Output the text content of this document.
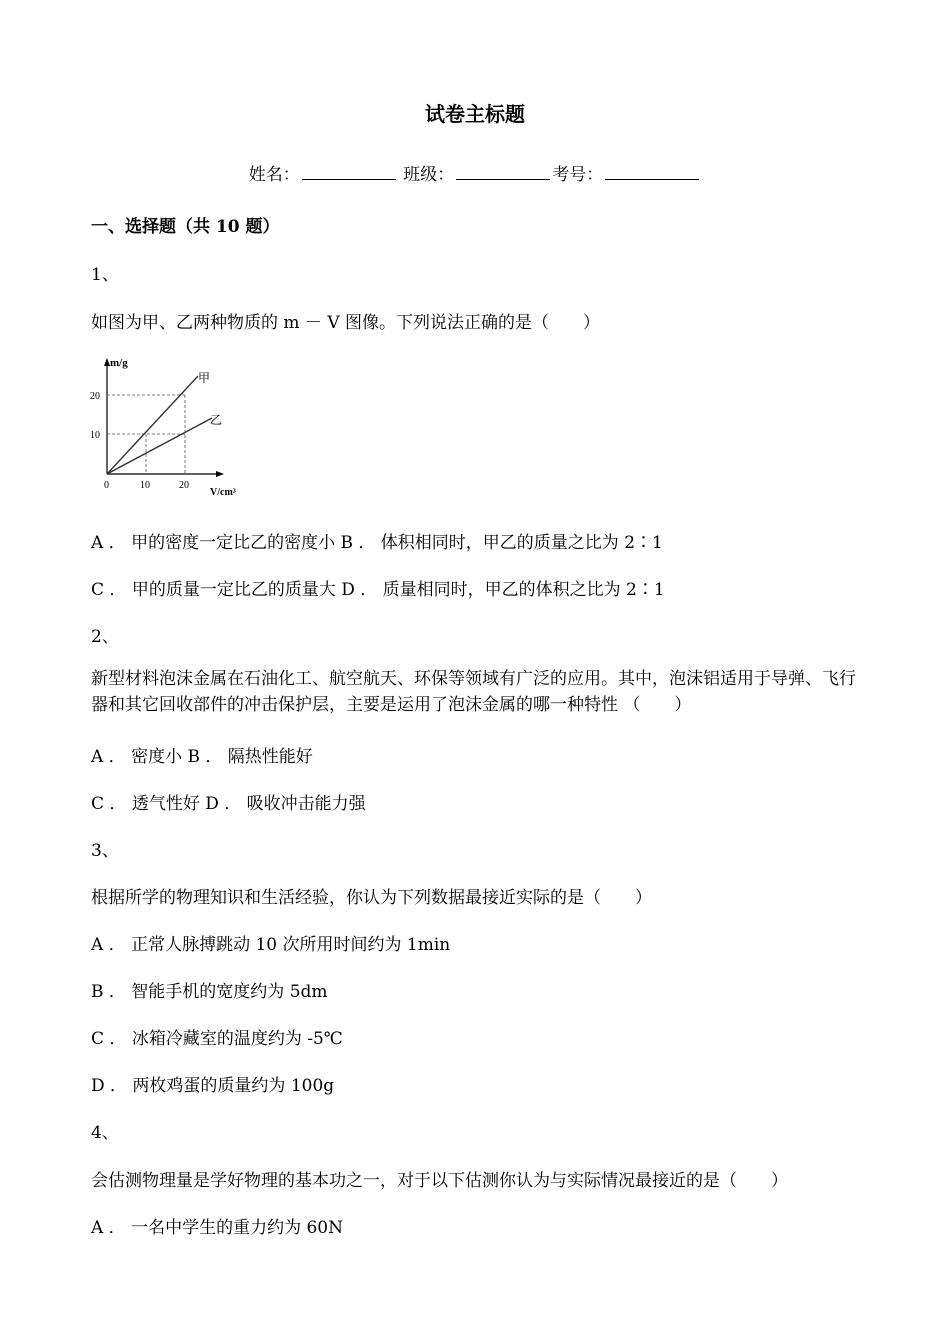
试卷主标题
姓名：	班级：	考号：
一、选择题（共 10 题）
1、
如图为甲、乙两种物质的 m － V 图像。下列说法正确的是（　　）
m/g
20
10
0	10	20
V/cm³
甲
乙
A ． 甲的密度一定比乙的密度小 B ． 体积相同时，甲乙的质量之比为 2∶1
C ． 甲的质量一定比乙的质量大 D ． 质量相同时，甲乙的体积之比为 2∶1
2、
新型材料泡沫金属在石油化工、航空航天、环保等领域有广泛的应用。其中，泡沫铝适用于导弹、飞行器和其它回收部件的冲击保护层，主要是运用了泡沫金属的哪一种特性 （　　）
A ． 密度小 B ． 隔热性能好
C ． 透气性好 D ． 吸收冲击能力强
3、
根据所学的物理知识和生活经验，你认为下列数据最接近实际的是（　　）
A ． 正常人脉搏跳动 10 次所用时间约为 1min
B ． 智能手机的宽度约为 5dm
C ． 冰箱冷藏室的温度约为 -5℃
D ． 两枚鸡蛋的质量约为 100g
4、
会估测物理量是学好物理的基本功之一，对于以下估测你认为与实际情况最接近的是（　　）
A ． 一名中学生的重力约为 60N
